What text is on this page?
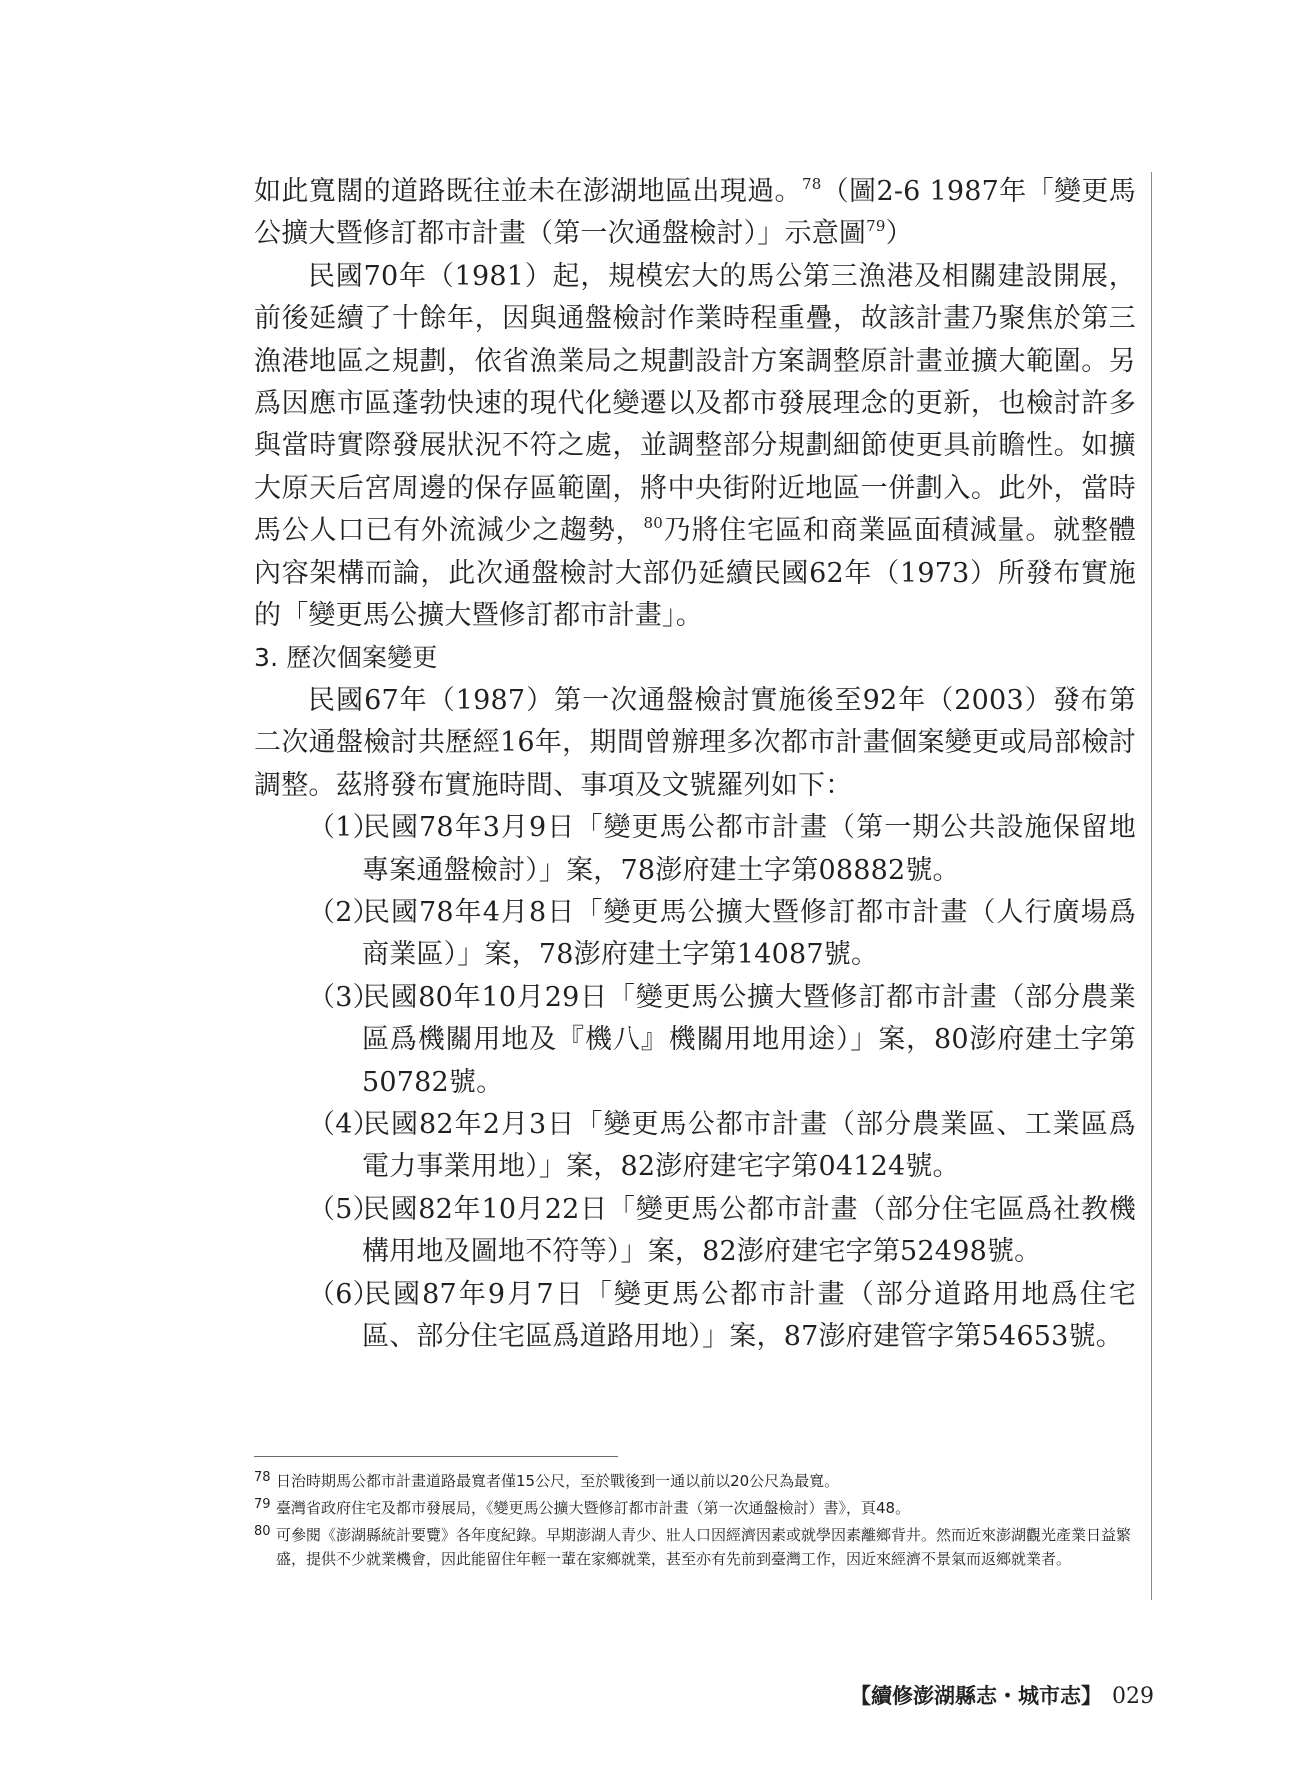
如此寬闊的道路既往並未在澎湖地區出現過。$^{78}$（圖2-6 1987年「變更馬公擴大暨修訂都市計畫（第一次通盤檢討）」示意圖$^{79}$）

民國70年（1981）起，規模宏大的馬公第三漁港及相關建設開展，前後延續了十餘年，因與通盤檢討作業時程重疊，故該計畫乃聚焦於第三漁港地區之規劃，依省漁業局之規劃設計方案調整原計畫並擴大範圍。另爲因應市區蓬勃快速的現代化變遷以及都市發展理念的更新，也檢討許多與當時實際發展狀況不符之處，並調整部分規劃細節使更具前瞻性。如擴大原天后宮周邊的保存區範圍，將中央街附近地區一併劃入。此外，當時馬公人口已有外流減少之趨勢，$^{80}$乃將住宅區和商業區面積減量。就整體內容架構而論，此次通盤檢討大部仍延續民國62年（1973）所發布實施的「變更馬公擴大暨修訂都市計畫」。

3. 歷次個案變更

民國67年（1987）第一次通盤檢討實施後至92年（2003）發布第二次通盤檢討共歷經16年，期間曾辦理多次都市計畫個案變更或局部檢討調整。茲將發布實施時間、事項及文號羅列如下：

（1）民國78年3月9日「變更馬公都市計畫（第一期公共設施保留地專案通盤檢討）」案，78澎府建土字第08882號。
（2）民國78年4月8日「變更馬公擴大暨修訂都市計畫（人行廣場爲商業區）」案，78澎府建土字第14087號。
（3）民國80年10月29日「變更馬公擴大暨修訂都市計畫（部分農業區爲機關用地及『機八』機關用地用途）」案，80澎府建土字第50782號。
（4）民國82年2月3日「變更馬公都市計畫（部分農業區、工業區爲電力事業用地）」案，82澎府建宅字第04124號。
（5）民國82年10月22日「變更馬公都市計畫（部分住宅區爲社教機構用地及圖地不符等）」案，82澎府建宅字第52498號。
（6）民國87年9月7日「變更馬公都市計畫（部分道路用地爲住宅區、部分住宅區爲道路用地）」案，87澎府建管字第54653號。

78 日治時期馬公都市計畫道路最寬者僅15公尺，至於戰後到一通以前以20公尺為最寬。

79 臺灣省政府住宅及都市發展局，《變更馬公擴大暨修訂都市計畫（第一次通盤檢討）書》，頁48。

80 可參閱《澎湖縣統計要覽》各年度紀錄。早期澎湖人青少、壯人口因經濟因素或就學因素離鄉背井。然而近來澎湖觀光產業日益繁盛，提供不少就業機會，因此能留住年輕一輩在家鄉就業，甚至亦有先前到臺灣工作，因近來經濟不景氣而返鄉就業者。

【續修澎湖縣志・城市志】 029
